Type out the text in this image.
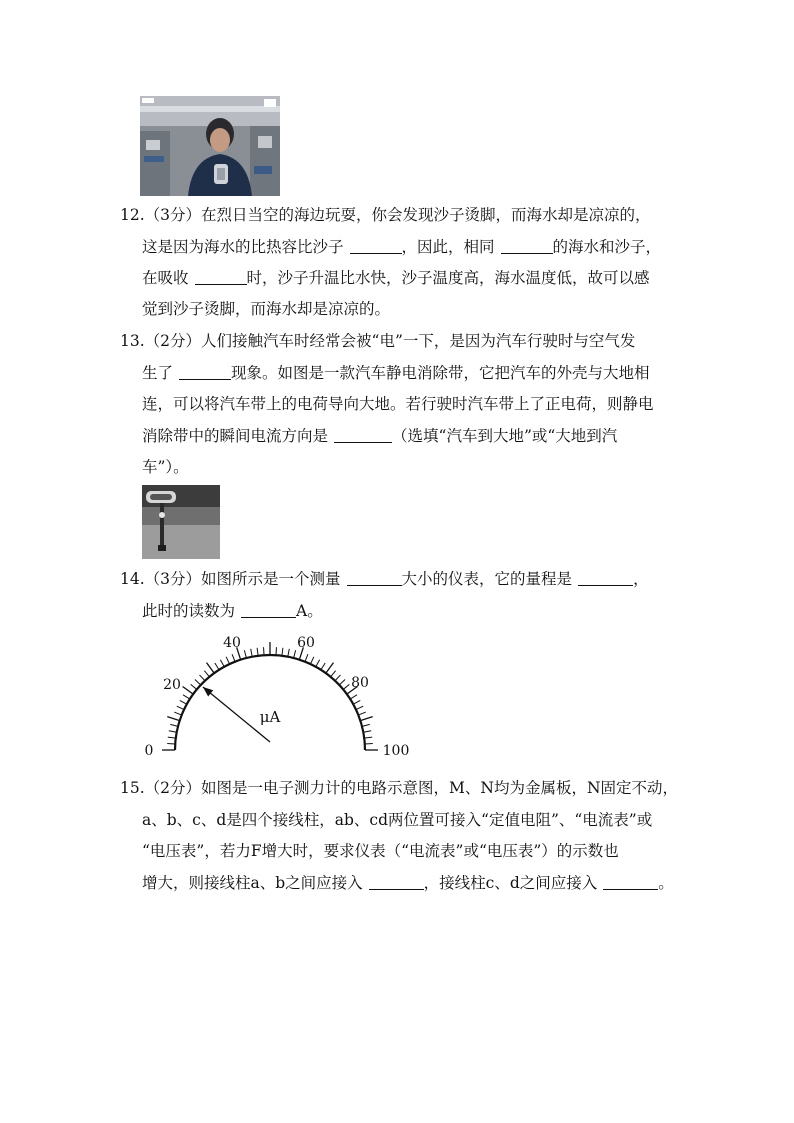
12.（3分）在烈日当空的海边玩耍，你会发现沙子烫脚，而海水却是凉凉的，
这是因为海水的比热容比沙子	，因此，相同	的海水和沙子，
在吸收	时，沙子升温比水快，沙子温度高，海水温度低，故可以感
觉到沙子烫脚，而海水却是凉凉的。
13.（2分）人们接触汽车时经常会被“电”一下，是因为汽车行驶时与空气发
生了	现象。如图是一款汽车静电消除带，它把汽车的外壳与大地相
连，可以将汽车带上的电荷导向大地。若行驶时汽车带上了正电荷，则静电
消除带中的瞬间电流方向是	（选填“汽车到大地”或“大地到汽
车”）。
14.（3分）如图所示是一个测量	大小的仪表，它的量程是	，
此时的读数为	A。
μA
0
20
40	60
80
100
15.（2分）如图是一电子测力计的电路示意图，M、N均为金属板，N固定不动，
a、b、c、d是四个接线柱，ab、cd两位置可接入“定值电阻”、“电流表”或
“电压表”，若力F增大时，要求仪表（“电流表”或“电压表”）的示数也
增大，则接线柱a、b之间应接入	，接线柱c、d之间应接入	。
